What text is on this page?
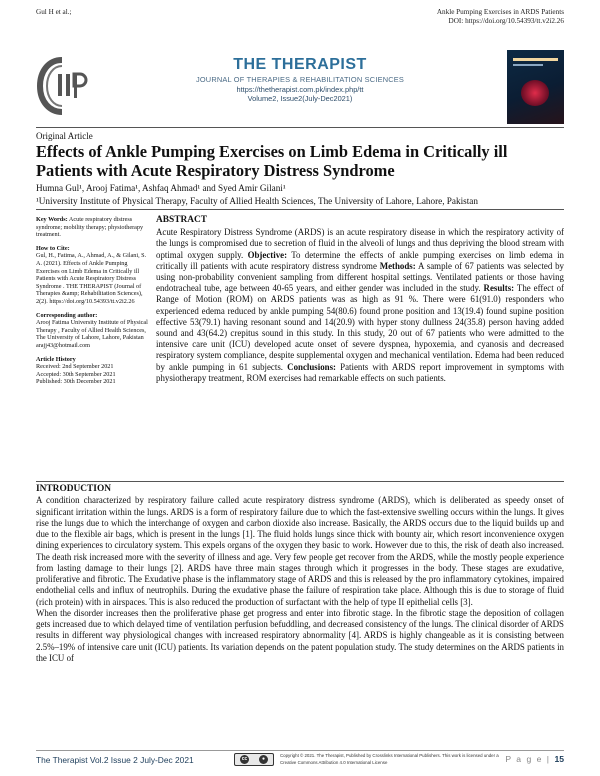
Gul H et al.;	Ankle Pumping Exercises in ARDS Patients
DOI: https://doi.org/10.54393/tt.v2i2.26
THE THERAPIST
JOURNAL OF THERAPIES & REHABILITATION SCIENCES
https://thetherapist.com.pk/index.php/tt
Volume2, Issue2(July-Dec2021)
Original Article
Effects of Ankle Pumping Exercises on Limb Edema in Critically ill Patients with Acute Respiratory Distress Syndrome
Humna Gul¹, Arooj Fatima¹, Ashfaq Ahmad¹ and Syed Amir Gilani¹
¹University Institute of Physical Therapy, Faculty of Allied Health Sciences, The University of Lahore, Lahore, Pakistan

Key Words: Acute respiratory distress syndrome; mobility therapy; physiotherapy treatment.

How to Cite:

Gul, H., Fatima, A., Ahmad, A., & Gilani, S. A. (2021). Effects of Ankle Pumping Exercises on Limb Edema in Critically ill Patients with Acute Respiratory Distress Syndrome . THE THERAPIST (Journal of Therapies &amp; Rehabilitation Sciences), 2(2). https://doi.org/10.54393/tt.v2i2.26

Corresponding author:

Arooj Fatima University Institute of Physical Therapy , Faculty of Allied Health Sciences, The University of Lahore, Lahore, Pakistan arajj43@hotmail.com

Article History

Received: 2nd September 2021

Accepted: 30th September 2021

Published: 30th December 2021

ABSTRACT

Acute Respiratory Distress Syndrome (ARDS) is an acute respiratory disease in which the respiratory activity of the lungs is compromised due to secretion of fluid in the alveoli of lungs and thus depriving the blood stream with optimal oxygen supply. Objective: To determine the effects of ankle pumping exercises on limb edema in critically ill patients with acute respiratory distress syndrome Methods: A sample of 67 patients was selected by using non-probability convenient sampling from different hospital settings. Ventilated patients or those having endotracheal tube, age between 40-65 years, and either gender was included in the study. Results: The effect of Range of Motion (ROM) on ARDS patients was as high as 91 %. There were 61(91.0) responders who experienced edema reduced by ankle pumping 54(80.6) found prone position and 13(19.4) found supine position effective 53(79.1) having resonant sound and 14(20.9) with hyper stony dullness 24(35.8) person having added sound and 43(64.2) crepitus sound in this study. In this study, 20 out of 67 patients who were admitted to the intensive care unit (ICU) developed acute onset of severe dyspnea, hypoxemia, and cyanosis and decreased respiratory system compliance, despite supplemental oxygen and mechanical ventilation. Edema had been reduced by ankle pumping in 61 subjects. Conclusions: Patients with ARDS report improvement in symptoms with physiotherapy treatment, ROM exercises had remarkable effects on such patients.

INTRODUCTION

A condition characterized by respiratory failure called acute respiratory distress syndrome (ARDS), which is deliberated as speedy onset of significant irritation within the lungs. ARDS is a form of respiratory failure due to which the fast-extensive swelling occurs within the lungs. It gives rise the lungs due to which the interchange of oxygen and carbon dioxide also increase. Basically, the ARDS occurs due to the liquid builds up and due to the flexible air bags, which is present in the lungs [1]. The fluid holds lungs since thick with bounty air, which resort inconvenience oxygen dining experiences to circulatory system. This expels organs of the oxygen they basic to work. However due to this, the risk of death also increased. The death risk increased more with the severity of illness and age. Very few people get recover from the ARDS, while the mostly people experience from lasting damage to their lungs [2]. ARDS have three main stages through which it progresses in the body. These stages are exudative, proliferative and fibrotic. The Exudative phase is the inflammatory stage of ARDS and this is released by the pro inflammatory cytokines, impaired endothelial cells and influx of neutrophils. During the exudative phase the failure of respiration take place. Although this is due to storage of fluid (rich protein) with in airspaces. This is also reduced the production of surfactant with the help of type II epithelial cells [3].

When the disorder increases then the proliferative phase get progress and enter into fibrotic stage. In the fibrotic stage the deposition of collagen gets increased due to which delayed time of ventilation perfusion befuddling, and decreased consistency of the lungs. The clinical disorder of ARDS results in different way physiological changes with increased respiratory abnormality [4]. ARDS is highly changeable as it is consisting between 2.5%–19% of intensive care unit (ICU) patients. Its variation depends on the patent population study. The study determines on the ARDS patients in the ICU of

The Therapist Vol.2 Issue 2 July-Dec 2021	cc	●
Copyright © 2021. The Therapist, Published by Crosslinks International Publishers. This work is licensed under a Creative Commons Attribution 4.0 International License	P a g e | 15
